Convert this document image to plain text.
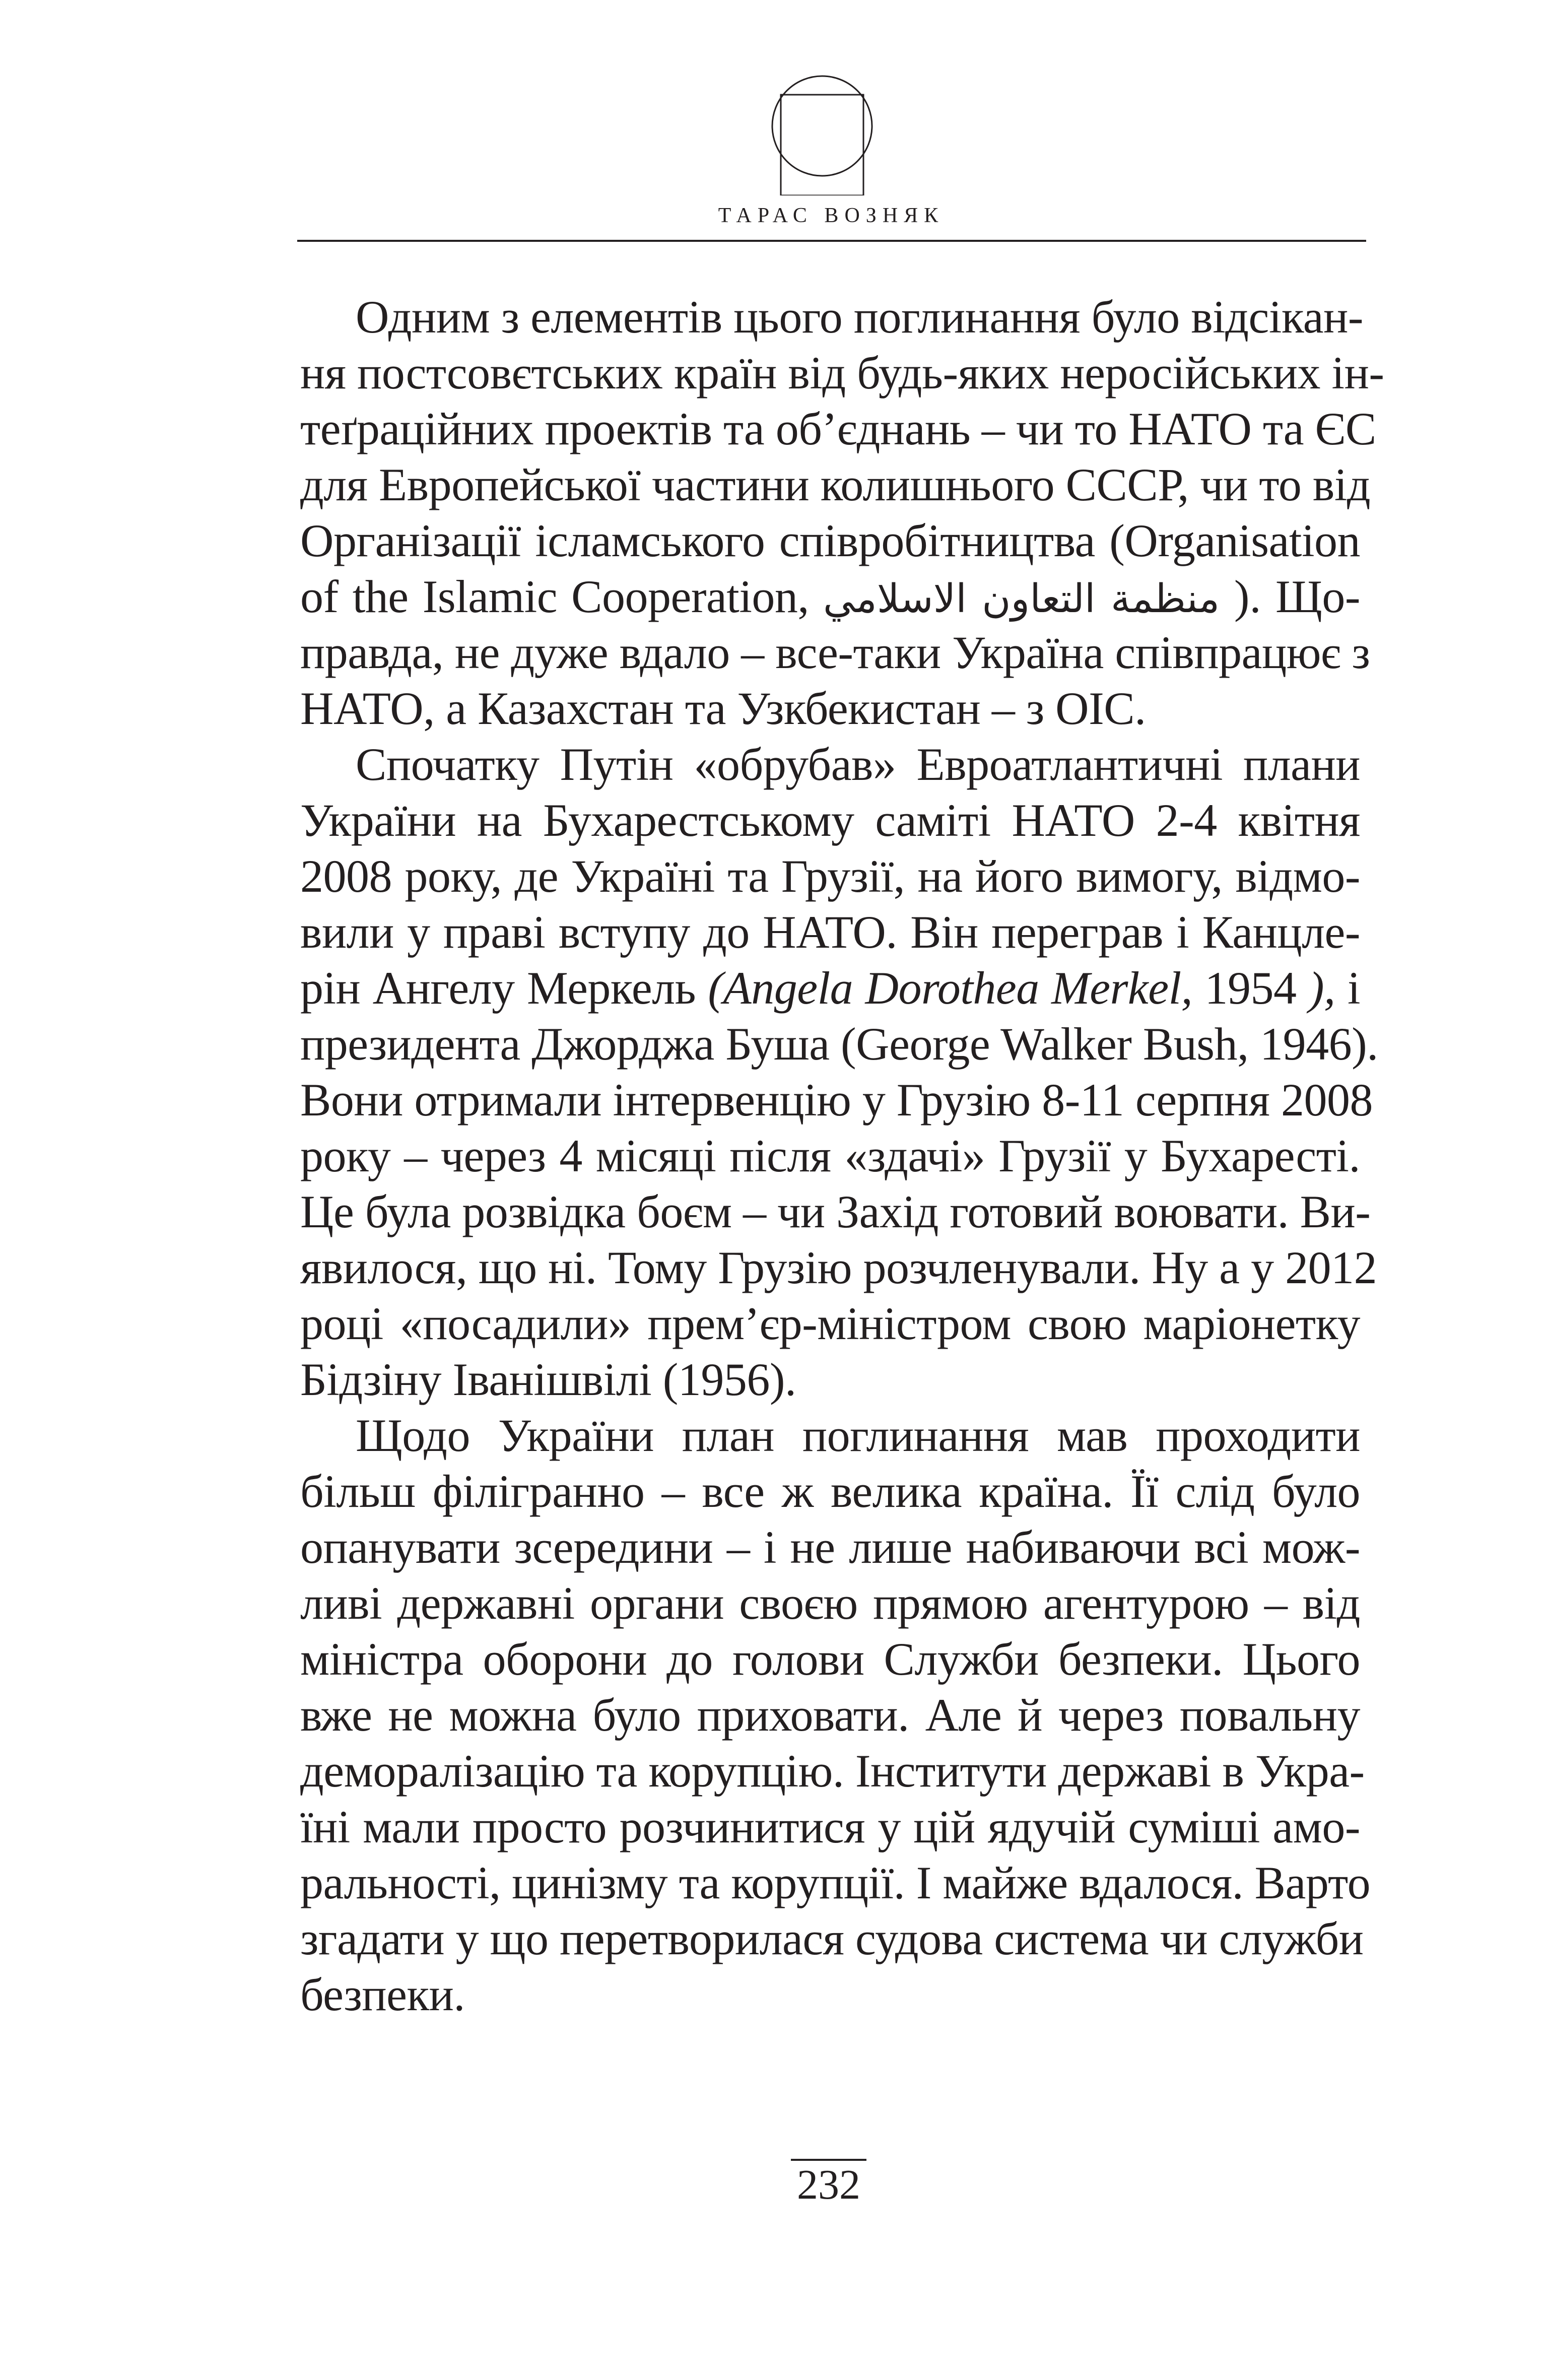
ТАРАС ВОЗНЯК
Одним з елементів цього поглинання було відсікан-
ня постсовєтських країн від будь-яких неросійських ін-
теґраційних проектів та об’єднань – чи то НАТО та ЄС
для Европейської частини колишнього СССР, чи то від
Організації ісламського співробітництва (Organisation
of the Islamic Cooperation, منظمة التعاون الاسلامي ). Що-
правда, не дуже вдало – все-таки Україна співпрацює з
НАТО, а Казахстан та Узкбекистан – з OIC.
Спочатку Путін «обрубав» Евроатлантичні плани
України на Бухарестському саміті НАТО 2-4 квітня
2008 року, де Україні та Грузії, на його вимогу, відмо-
вили у праві вступу до НАТО. Він переграв і Канцле-
рін Ангелу Меркель (Angela Dorothea Merkel, 1954 ), і
президента Джорджа Буша (George Walker Bush, 1946).
Вони отримали інтервенцію у Грузію 8-11 серпня 2008
року – через 4 місяці після «здачі» Грузії у Бухаресті.
Це була розвідка боєм – чи Захід готовий воювати. Ви-
явилося, що ні. Тому Грузію розчленували. Ну а у 2012
році «посадили» прем’єр-міністром свою маріонетку
Бідзіну Іванішвілі (1956).
Щодо України план поглинання мав проходити
більш філігранно – все ж велика країна. Її слід було
опанувати зсередини – і не лише набиваючи всі мож-
ливі державні органи своєю прямою агентурою – від
міністра оборони до голови Служби безпеки. Цього
вже не можна було приховати. Але й через повальну
деморалізацію та корупцію. Інститути державі в Укра-
їні мали просто розчинитися у цій ядучій суміші амо-
ральності, цинізму та корупції. І майже вдалося. Варто
згадати у що перетворилася судова система чи служби
безпеки.
232
